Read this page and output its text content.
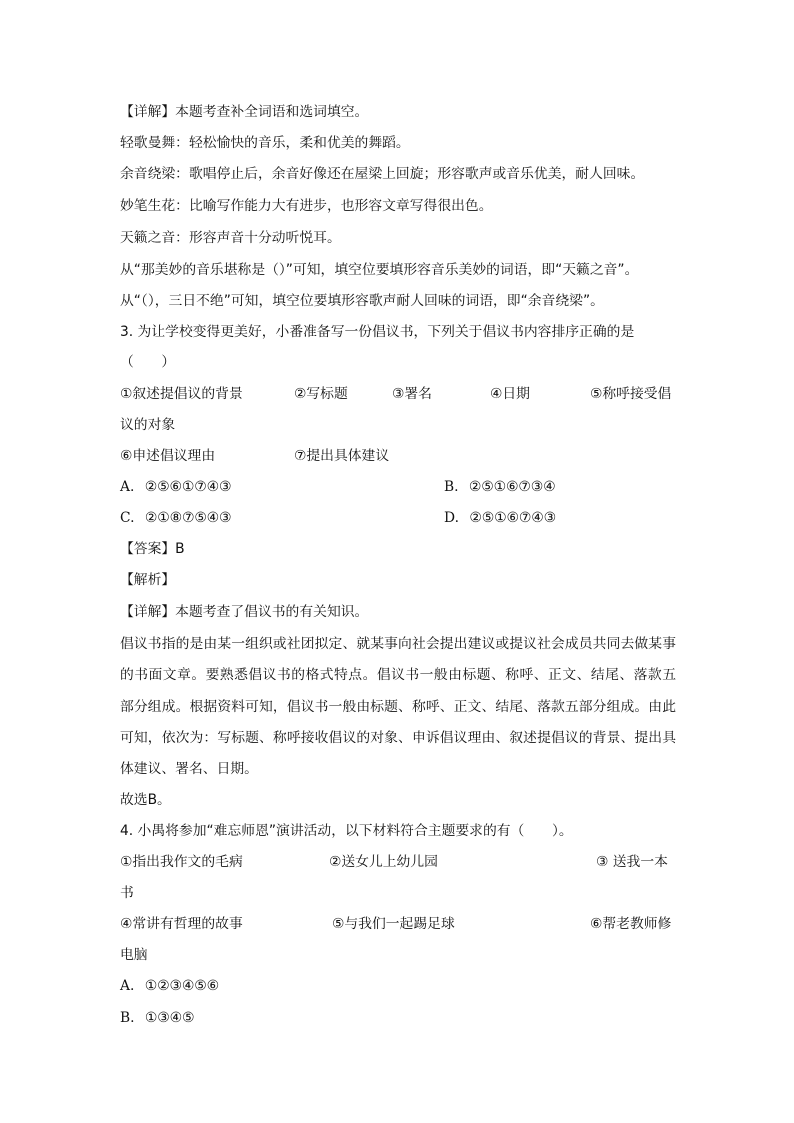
【详解】本题考查补全词语和选词填空。
轻歌曼舞：轻松愉快的音乐，柔和优美的舞蹈。
余音绕梁：歌唱停止后，余音好像还在屋梁上回旋；形容歌声或音乐优美，耐人回味。
妙笔生花：比喻写作能力大有进步，也形容文章写得很出色。
天籁之音：形容声音十分动听悦耳。
从“那美妙的音乐堪称是（）”可知，填空位要填形容音乐美妙的词语，即“天籁之音”。
从“（），三日不绝”可知，填空位要填形容歌声耐人回味的词语，即“余音绕梁”。
3. 为让学校变得更美好，小番准备写一份倡议书，下列关于倡议书内容排序正确的是
（　　）
①叙述提倡议的背景	②写标题	③署名	④日期	⑤称呼接受倡
议的对象
⑥申述倡议理由	⑦提出具体建议
A. ②⑤⑥①⑦④③	B. ②⑤①⑥⑦③④
C. ②①⑧⑦⑤④③	D. ②⑤①⑥⑦④③
【答案】B
【解析】
【详解】本题考查了倡议书的有关知识。
倡议书指的是由某一组织或社团拟定、就某事向社会提出建议或提议社会成员共同去做某事
的书面文章。要熟悉倡议书的格式特点。倡议书一般由标题、称呼、正文、结尾、落款五
部分组成。根据资料可知，倡议书一般由标题、称呼、正文、结尾、落款五部分组成。由此
可知，依次为：写标题、称呼接收倡议的对象、申诉倡议理由、叙述提倡议的背景、提出具
体建议、署名、日期。
故选B。
4. 小禺将参加“难忘师恩”演讲活动，以下材料符合主题要求的有（　　）。
①指出我作文的毛病	②送女儿上幼儿园	③ 送我一本
书
④常讲有哲理的故事	⑤与我们一起踢足球	⑥帮老教师修
电脑
A. ①②③④⑤⑥
B. ①③④⑤
